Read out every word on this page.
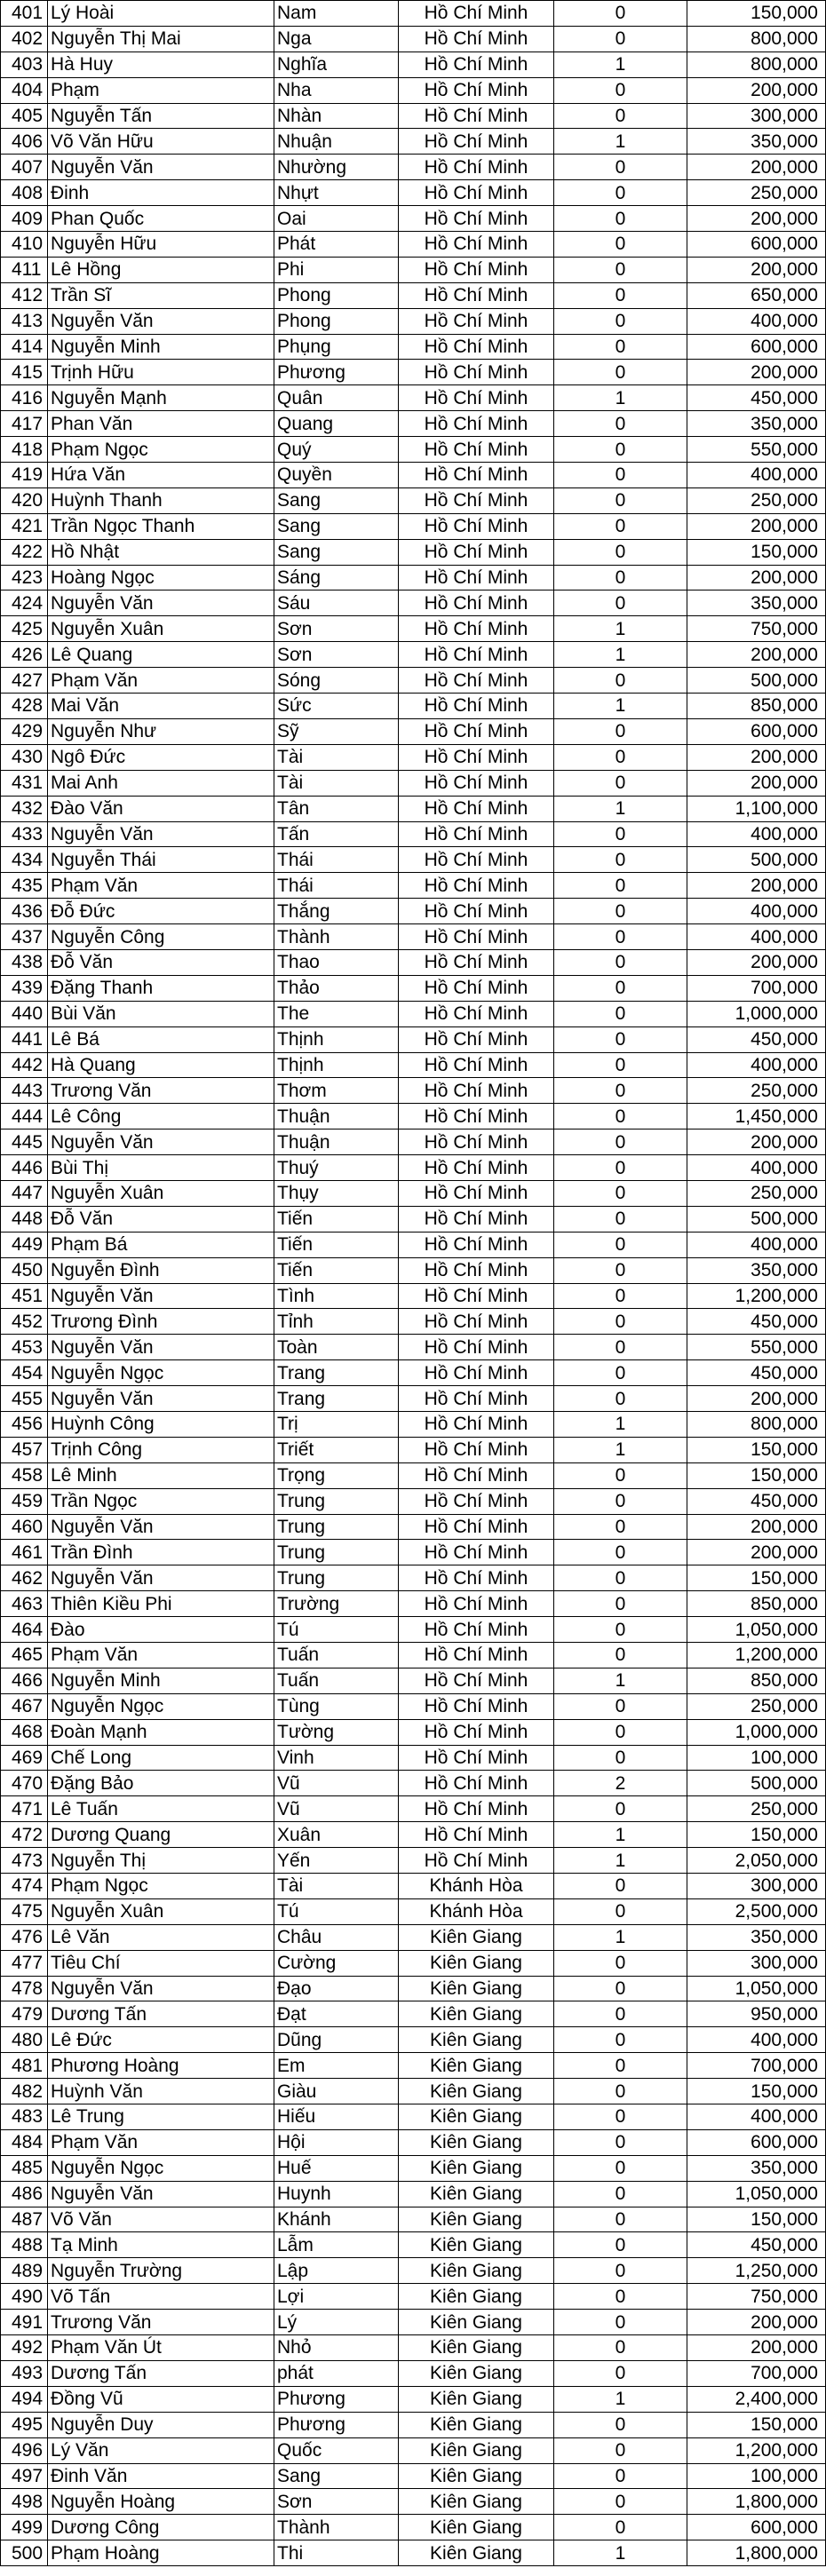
401	Lý Hoài	Nam	Hồ Chí Minh	0	150,000
402	Nguyễn Thị Mai	Nga	Hồ Chí Minh	0	800,000
403	Hà Huy	Nghĩa	Hồ Chí Minh	1	800,000
404	Phạm	Nha	Hồ Chí Minh	0	200,000
405	Nguyễn Tấn	Nhàn	Hồ Chí Minh	0	300,000
406	Võ Văn Hữu	Nhuận	Hồ Chí Minh	1	350,000
407	Nguyễn Văn	Nhường	Hồ Chí Minh	0	200,000
408	Đinh	Nhựt	Hồ Chí Minh	0	250,000
409	Phan Quốc	Oai	Hồ Chí Minh	0	200,000
410	Nguyễn Hữu	Phát	Hồ Chí Minh	0	600,000
411	Lê Hồng	Phi	Hồ Chí Minh	0	200,000
412	Trần Sĩ	Phong	Hồ Chí Minh	0	650,000
413	Nguyễn Văn	Phong	Hồ Chí Minh	0	400,000
414	Nguyễn Minh	Phụng	Hồ Chí Minh	0	600,000
415	Trịnh Hữu	Phương	Hồ Chí Minh	0	200,000
416	Nguyễn Mạnh	Quân	Hồ Chí Minh	1	450,000
417	Phan Văn	Quang	Hồ Chí Minh	0	350,000
418	Phạm Ngọc	Quý	Hồ Chí Minh	0	550,000
419	Hứa Văn	Quyền	Hồ Chí Minh	0	400,000
420	Huỳnh Thanh	Sang	Hồ Chí Minh	0	250,000
421	Trần Ngọc Thanh	Sang	Hồ Chí Minh	0	200,000
422	Hồ Nhật	Sang	Hồ Chí Minh	0	150,000
423	Hoàng Ngọc	Sáng	Hồ Chí Minh	0	200,000
424	Nguyễn Văn	Sáu	Hồ Chí Minh	0	350,000
425	Nguyễn Xuân	Sơn	Hồ Chí Minh	1	750,000
426	Lê Quang	Sơn	Hồ Chí Minh	1	200,000
427	Phạm Văn	Sóng	Hồ Chí Minh	0	500,000
428	Mai Văn	Sức	Hồ Chí Minh	1	850,000
429	Nguyễn Như	Sỹ	Hồ Chí Minh	0	600,000
430	Ngô Đức	Tài	Hồ Chí Minh	0	200,000
431	Mai Anh	Tài	Hồ Chí Minh	0	200,000
432	Đào Văn	Tân	Hồ Chí Minh	1	1,100,000
433	Nguyễn Văn	Tấn	Hồ Chí Minh	0	400,000
434	Nguyễn Thái	Thái	Hồ Chí Minh	0	500,000
435	Phạm Văn	Thái	Hồ Chí Minh	0	200,000
436	Đỗ Đức	Thắng	Hồ Chí Minh	0	400,000
437	Nguyễn Công	Thành	Hồ Chí Minh	0	400,000
438	Đỗ Văn	Thao	Hồ Chí Minh	0	200,000
439	Đặng Thanh	Thảo	Hồ Chí Minh	0	700,000
440	Bùi Văn	The	Hồ Chí Minh	0	1,000,000
441	Lê Bá	Thịnh	Hồ Chí Minh	0	450,000
442	Hà Quang	Thịnh	Hồ Chí Minh	0	400,000
443	Trương Văn	Thơm	Hồ Chí Minh	0	250,000
444	Lê Công	Thuận	Hồ Chí Minh	0	1,450,000
445	Nguyễn Văn	Thuận	Hồ Chí Minh	0	200,000
446	Bùi Thị	Thuý	Hồ Chí Minh	0	400,000
447	Nguyễn Xuân	Thụy	Hồ Chí Minh	0	250,000
448	Đỗ Văn	Tiến	Hồ Chí Minh	0	500,000
449	Phạm Bá	Tiến	Hồ Chí Minh	0	400,000
450	Nguyễn Đình	Tiến	Hồ Chí Minh	0	350,000
451	Nguyễn Văn	Tình	Hồ Chí Minh	0	1,200,000
452	Trương Đình	Tỉnh	Hồ Chí Minh	0	450,000
453	Nguyễn Văn	Toàn	Hồ Chí Minh	0	550,000
454	Nguyễn Ngọc	Trang	Hồ Chí Minh	0	450,000
455	Nguyễn Văn	Trang	Hồ Chí Minh	0	200,000
456	Huỳnh Công	Trị	Hồ Chí Minh	1	800,000
457	Trịnh Công	Triết	Hồ Chí Minh	1	150,000
458	Lê Minh	Trọng	Hồ Chí Minh	0	150,000
459	Trần Ngọc	Trung	Hồ Chí Minh	0	450,000
460	Nguyễn Văn	Trung	Hồ Chí Minh	0	200,000
461	Trần Đình	Trung	Hồ Chí Minh	0	200,000
462	Nguyễn Văn	Trung	Hồ Chí Minh	0	150,000
463	Thiên Kiều Phi	Trường	Hồ Chí Minh	0	850,000
464	Đào	Tú	Hồ Chí Minh	0	1,050,000
465	Phạm Văn	Tuấn	Hồ Chí Minh	0	1,200,000
466	Nguyễn Minh	Tuấn	Hồ Chí Minh	1	850,000
467	Nguyễn Ngọc	Tùng	Hồ Chí Minh	0	250,000
468	Đoàn Mạnh	Tường	Hồ Chí Minh	0	1,000,000
469	Chế Long	Vinh	Hồ Chí Minh	0	100,000
470	Đặng Bảo	Vũ	Hồ Chí Minh	2	500,000
471	Lê Tuấn	Vũ	Hồ Chí Minh	0	250,000
472	Dương Quang	Xuân	Hồ Chí Minh	1	150,000
473	Nguyễn Thị	Yến	Hồ Chí Minh	1	2,050,000
474	Phạm Ngọc	Tài	Khánh Hòa	0	300,000
475	Nguyễn Xuân	Tú	Khánh Hòa	0	2,500,000
476	Lê Văn	Châu	Kiên Giang	1	350,000
477	Tiêu Chí	Cường	Kiên Giang	0	300,000
478	Nguyễn Văn	Đạo	Kiên Giang	0	1,050,000
479	Dương Tấn	Đạt	Kiên Giang	0	950,000
480	Lê Đức	Dũng	Kiên Giang	0	400,000
481	Phương Hoàng	Em	Kiên Giang	0	700,000
482	Huỳnh Văn	Giàu	Kiên Giang	0	150,000
483	Lê Trung	Hiếu	Kiên Giang	0	400,000
484	Phạm Văn	Hội	Kiên Giang	0	600,000
485	Nguyễn Ngọc	Huế	Kiên Giang	0	350,000
486	Nguyễn Văn	Huynh	Kiên Giang	0	1,050,000
487	Võ Văn	Khánh	Kiên Giang	0	150,000
488	Tạ Minh	Lẫm	Kiên Giang	0	450,000
489	Nguyễn Trường	Lập	Kiên Giang	0	1,250,000
490	Võ Tấn	Lợi	Kiên Giang	0	750,000
491	Trương Văn	Lý	Kiên Giang	0	200,000
492	Phạm Văn Út	Nhỏ	Kiên Giang	0	200,000
493	Dương Tấn	phát	Kiên Giang	0	700,000
494	Đồng Vũ	Phương	Kiên Giang	1	2,400,000
495	Nguyễn Duy	Phương	Kiên Giang	0	150,000
496	Lý Văn	Quốc	Kiên Giang	0	1,200,000
497	Đinh Văn	Sang	Kiên Giang	0	100,000
498	Nguyễn Hoàng	Sơn	Kiên Giang	0	1,800,000
499	Dương Công	Thành	Kiên Giang	0	600,000
500	Phạm Hoàng	Thi	Kiên Giang	1	1,800,000
